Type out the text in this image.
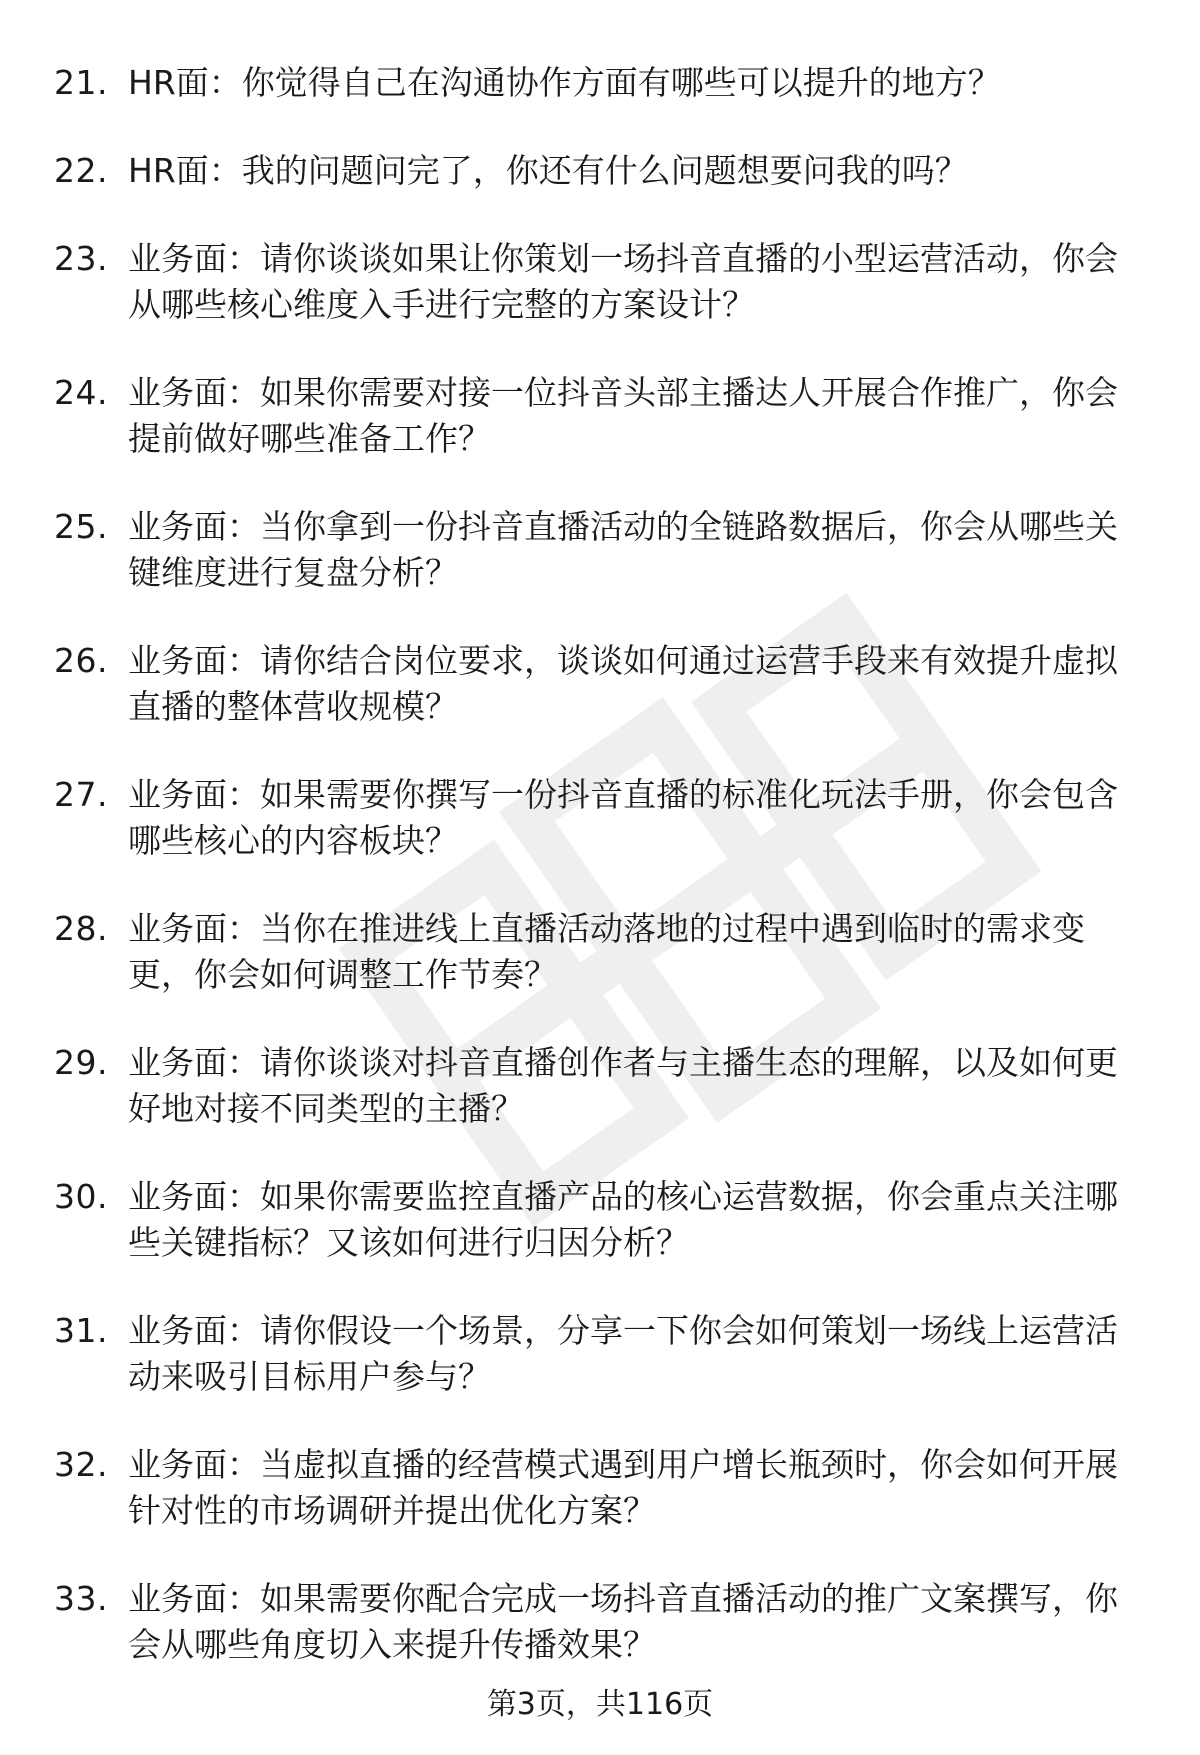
21. HR面：你觉得自己在沟通协作方面有哪些可以提升的地方？
22. HR面：我的问题问完了，你还有什么问题想要问我的吗？
23. 业务面：请你谈谈如果让你策划一场抖音直播的小型运营活动，你会从哪些核心维度入手进行完整的方案设计？
24. 业务面：如果你需要对接一位抖音头部主播达人开展合作推广，你会提前做好哪些准备工作？
25. 业务面：当你拿到一份抖音直播活动的全链路数据后，你会从哪些关键维度进行复盘分析？
26. 业务面：请你结合岗位要求，谈谈如何通过运营手段来有效提升虚拟直播的整体营收规模？
27. 业务面：如果需要你撰写一份抖音直播的标准化玩法手册，你会包含哪些核心的内容板块？
28. 业务面：当你在推进线上直播活动落地的过程中遇到临时的需求变更，你会如何调整工作节奏？
29. 业务面：请你谈谈对抖音直播创作者与主播生态的理解，以及如何更好地对接不同类型的主播？
30. 业务面：如果你需要监控直播产品的核心运营数据，你会重点关注哪些关键指标？又该如何进行归因分析？
31. 业务面：请你假设一个场景，分享一下你会如何策划一场线上运营活动来吸引目标用户参与？
32. 业务面：当虚拟直播的经营模式遇到用户增长瓶颈时，你会如何开展针对性的市场调研并提出优化方案？
33. 业务面：如果需要你配合完成一场抖音直播活动的推广文案撰写，你会从哪些角度切入来提升传播效果？
第3页，共116页
